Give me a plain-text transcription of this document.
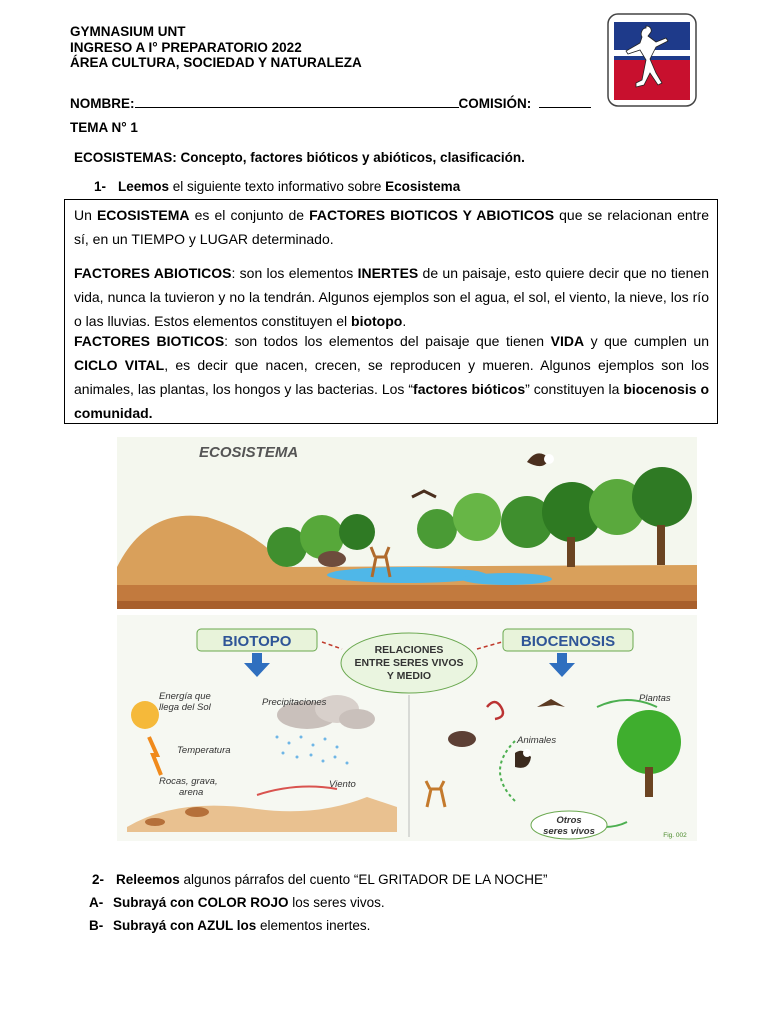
GYMNASIUM UNT
INGRESO A I° PREPARATORIO 2022
ÁREA CULTURA, SOCIEDAD Y NATURALEZA
NOMBRE:	COMISIÓN:
TEMA N° 1
ECOSISTEMAS: Concepto, factores bióticos y abióticos, clasificación.
1- Leemos el siguiente texto informativo sobre Ecosistema
Un ECOSISTEMA es el conjunto de FACTORES BIOTICOS Y ABIOTICOS que se relacionan entre sí, en un TIEMPO y LUGAR determinado.
FACTORES ABIOTICOS: son los elementos INERTES de un paisaje, esto quiere decir que no tienen vida, nunca la tuvieron y no la tendrán. Algunos ejemplos son el agua, el sol, el viento, la nieve, los río o las lluvias. Estos elementos constituyen el biotopo.
FACTORES BIOTICOS: son todos los elementos del paisaje que tienen VIDA y que cumplen un CICLO VITAL, es decir que nacen, crecen, se reproducen y mueren. Algunos ejemplos son los animales, las plantas, los hongos y las bacterias. Los “factores bióticos” constituyen la biocenosis o comunidad.
ECOSISTEMA
BIOTOPO	BIOCENOSIS
RELACIONES
ENTRE SERES VIVOS
Y MEDIO
Energía que
llega del Sol
Temperatura
Precipitaciones
Rocas, grava,
arena
Viento
Plantas
Animales
Otros
seres vivos	Fig. 002
2- Releemos algunos párrafos del cuento “EL GRITADOR DE LA NOCHE”
A- Subrayá con COLOR ROJO los seres vivos.
B- Subrayá con AZUL los elementos inertes.
